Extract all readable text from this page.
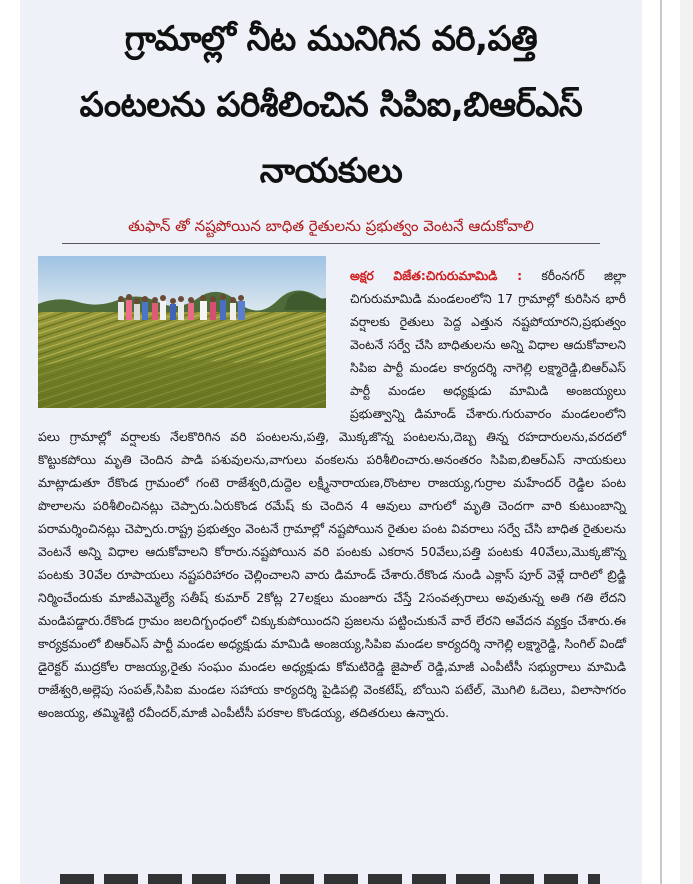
గ్రామాల్లో నీట మునిగిన వరి,పత్తి
పంటలను పరిశీలించిన సిపిఐ,బిఆర్ఎస్
నాయకులు
తుఫాన్ తో నష్టపోయిన బాధిత రైతులను ప్రభుత్వం వెంటనే ఆదుకోవాలి
అక్షర విజేత:చిగురుమామిడి : కరీంనగర్ జిల్లా చిగురుమామిడి మండలంలోని 17 గ్రామాల్లో కురిసిన భారీ వర్షాలకు రైతులు పెద్ద ఎత్తున నష్టపోయారని,ప్రభుత్వం వెంటనే సర్వే చేసి బాధితులను అన్ని విధాల ఆదుకోవాలని సిపిఐ పార్టీ మండల కార్యదర్శి నాగెల్లి లక్ష్మారెడ్డి,బిఆర్ఎస్ పార్టీ మండల అధ్యక్షుడు మామిడి అంజయ్యలు ప్రభుత్వాన్ని డిమాండ్ చేశారు.గురువారం మండలంలోని పలు గ్రామాల్లో వర్షాలకు నేలకొరిగిన వరి పంటలను,పత్తి, మొక్కజొన్న పంటలను,దెబ్బ తిన్న రహదారులను,వరదలో కొట్టుకపోయి మృతి చెందిన పాడి పశువులను,వాగులు వంకలను పరిశీలించారు.అనంతరం సిపిఐ,బిఆర్ఎస్ నాయకులు మాట్లాడుతూ రేకొండ గ్రామంలో గంటె రాజేశ్వరి,దుద్దెల లక్ష్మీనారాయణ,రొంటాల రాజయ్య,గుర్రాల మహేందర్ రెడ్డిల పంట పొలాలను పరిశీలించినట్లు చెప్పారు.ఏరుకొండ రమేష్ కు చెందిన 4 ఆవులు వాగులో మృతి చెందగా వారి కుటుంబాన్ని పరామర్శించినట్లు చెప్పారు.రాష్ట్ర ప్రభుత్వం వెంటనే గ్రామాల్లో నష్టపోయిన రైతుల పంట వివరాలు సర్వే చేసి బాధిత రైతులను వెంటనే అన్ని విధాల ఆదుకోవాలని కోరారు.నష్టపోయిన వరి పంటకు ఎకరాన 50వేలు,పత్తి పంటకు 40వేలు,మొక్కజొన్న పంటకు 30వేల రూపాయలు నష్టపరిహారం చెల్లించాలని వారు డిమాండ్ చేశారు.రేకొండ నుండి ఎక్లాస్ పూర్ వెళ్లే దారిలో బ్రిడ్జి నిర్మించేందుకు మాజీఎమ్మెల్యే సతీష్ కుమార్ 2కోట్ల 27లక్షలు మంజూరు చేస్తే 2సంవత్సరాలు అవుతున్న అతి గతి లేదని మండిపడ్డారు.రేకొండ గ్రామం జలదిగ్బంధంలో చిక్కుకుపోయిందని ప్రజలను పట్టించుకునే వారే లేరని ఆవేదన వ్యక్తం చేశారు.ఈ కార్యక్రమంలో బిఆర్ఎస్ పార్టీ మండల అధ్యక్షుడు మామిడి అంజయ్య,సిపిఐ మండల కార్యదర్శి నాగెల్లి లక్ష్మారెడ్డి, సింగిల్ విండో డైరెక్టర్ ముద్రకోల రాజయ్య,రైతు సంఘం మండల అధ్యక్షుడు కోమటిరెడ్డి జైపాల్ రెడ్డి,మాజీ ఎంపీటీసీ సభ్యురాలు మామిడి రాజేశ్వరి,అల్లెపు సంపత్,సిపిఐ మండల సహాయ కార్యదర్శి పైడిపల్లి వెంకటేష్, బోయిని పటేల్, మొగిలి ఓదెలు, విలాసాగరం అంజయ్య, తమ్మిశెట్టి రవీందర్,మాజీ ఎంపీటీసీ పరకాల కొండయ్య, తదితరులు ఉన్నారు.
